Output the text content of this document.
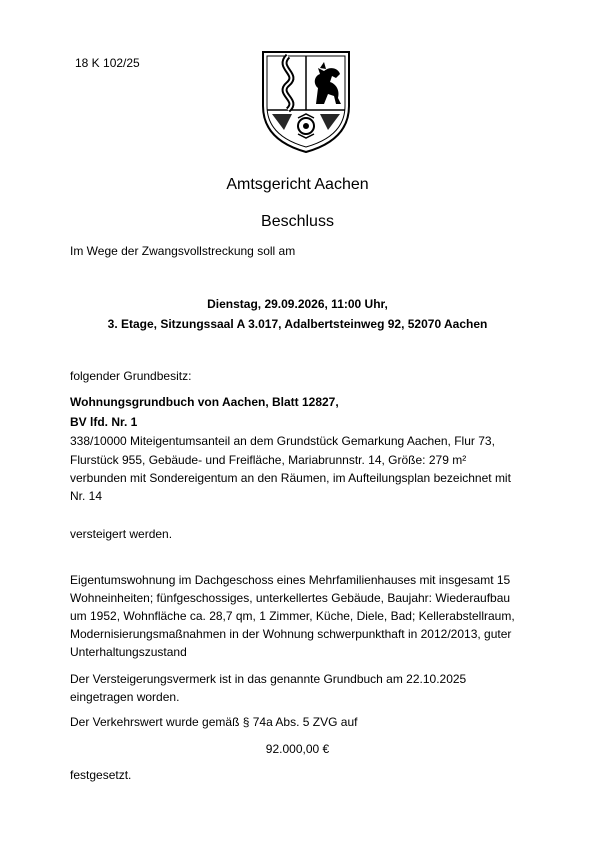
18 K 102/25
Amtsgericht Aachen
Beschluss
Im Wege der Zwangsvollstreckung soll am
Dienstag, 29.09.2026, 11:00 Uhr,
3. Etage, Sitzungssaal A 3.017, Adalbertsteinweg 92, 52070 Aachen
folgender Grundbesitz:
Wohnungsgrundbuch von Aachen, Blatt 12827,
BV lfd. Nr. 1
338/10000 Miteigentumsanteil an dem Grundstück Gemarkung Aachen, Flur 73,
Flurstück 955, Gebäude- und Freifläche, Mariabrunnstr. 14, Größe: 279 m²
verbunden mit Sondereigentum an den Räumen, im Aufteilungsplan bezeichnet mit
Nr. 14
versteigert werden.
Eigentumswohnung im Dachgeschoss eines Mehrfamilienhauses mit insgesamt 15
Wohneinheiten; fünfgeschossiges, unterkellertes Gebäude, Baujahr: Wiederaufbau
um 1952, Wohnfläche ca. 28,7 qm, 1 Zimmer, Küche, Diele, Bad; Kellerabstellraum,
Modernisierungsmaßnahmen in der Wohnung schwerpunkthaft in 2012/2013, guter
Unterhaltungszustand
Der Versteigerungsvermerk ist in das genannte Grundbuch am 22.10.2025
eingetragen worden.
Der Verkehrswert wurde gemäß § 74a Abs. 5 ZVG auf
92.000,00 €
festgesetzt.
